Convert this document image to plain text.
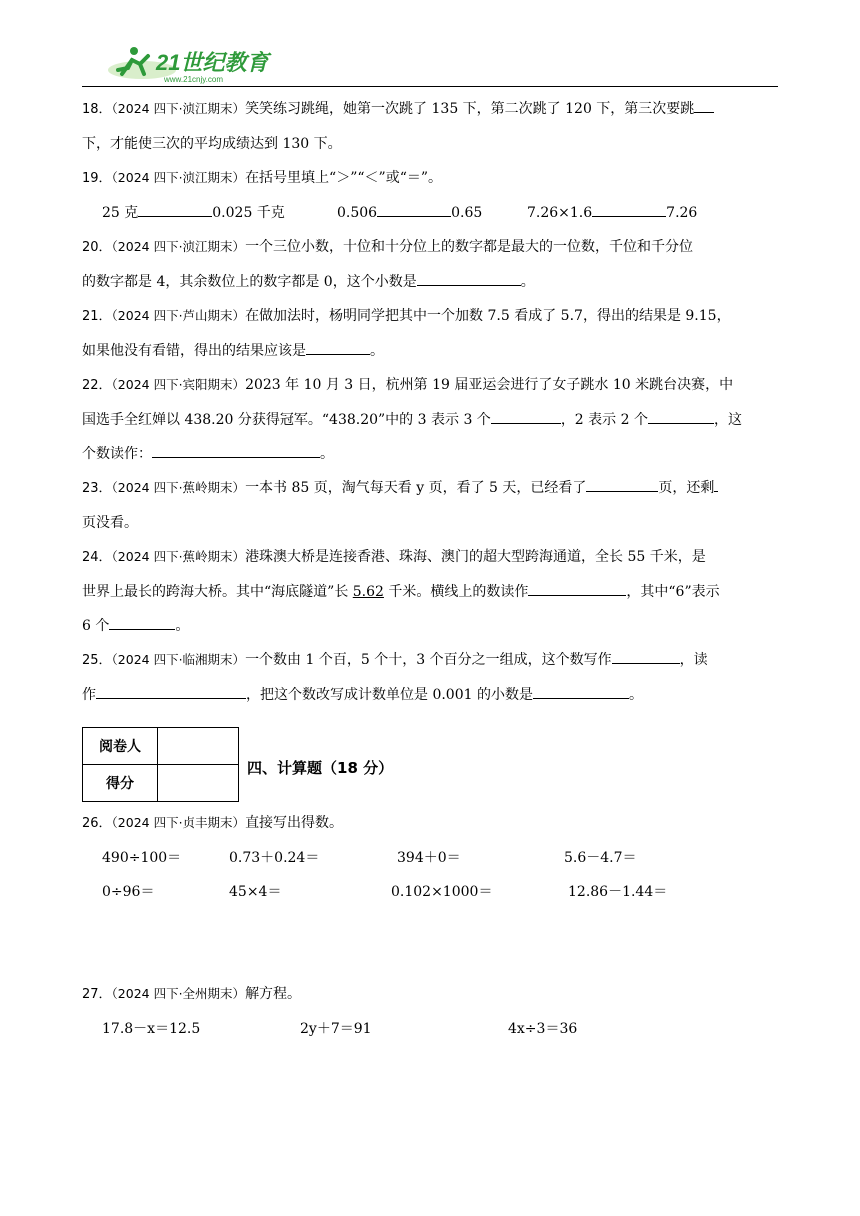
21世纪教育
www.21cnjy.com

18．（2024 四下·浈江期末）笑笑练习跳绳，她第一次跳了 135 下，第二次跳了 120 下，第三次要跳

下，才能使三次的平均成绩达到 130 下。

19．（2024 四下·浈江期末）在括号里填上“＞”“＜”或“＝”。

25 克	0.025 千克	0.506	0.65	7.26×1.6	7.26

20．（2024 四下·浈江期末）一个三位小数，十位和十分位上的数字都是最大的一位数，千位和千分位

的数字都是 4，其余数位上的数字都是 0，这个小数是	。

21．（2024 四下·芦山期末）在做加法时，杨明同学把其中一个加数 7.5 看成了 5.7，得出的结果是 9.15，

如果他没有看错，得出的结果应该是	。

22．（2024 四下·宾阳期末）2023 年 10 月 3 日，杭州第 19 届亚运会进行了女子跳水 10 米跳台决赛，中

国选手全红婵以 438.20 分获得冠军。“438.20”中的 3 表示 3 个	，2 表示 2 个	，这

个数读作：	。

23．（2024 四下·蕉岭期末）一本书 85 页，淘气每天看 y 页，看了 5 天，已经看了	页，还剩

页没看。

24．（2024 四下·蕉岭期末）港珠澳大桥是连接香港、珠海、澳门的超大型跨海通道，全长 55 千米，是

世界上最长的跨海大桥。其中“海底隧道”长 5.62 千米。横线上的数读作	，其中“6”表示

6 个	。

25．（2024 四下·临湘期末）一个数由 1 个百，5 个十，3 个百分之一组成，这个数写作	，读

作	，把这个数改写成计数单位是 0.001 的小数是	。

阅卷人	
得分	
四、计算题（18 分）

26．（2024 四下·贞丰期末）直接写出得数。

490÷100＝	0.73＋0.24＝	394＋0＝	5.6－4.7＝
0÷96＝	45×4＝	0.102×1000＝	12.86－1.44＝

27．（2024 四下·全州期末）解方程。

17.8－x＝12.5	2y＋7＝91	4x÷3＝36
